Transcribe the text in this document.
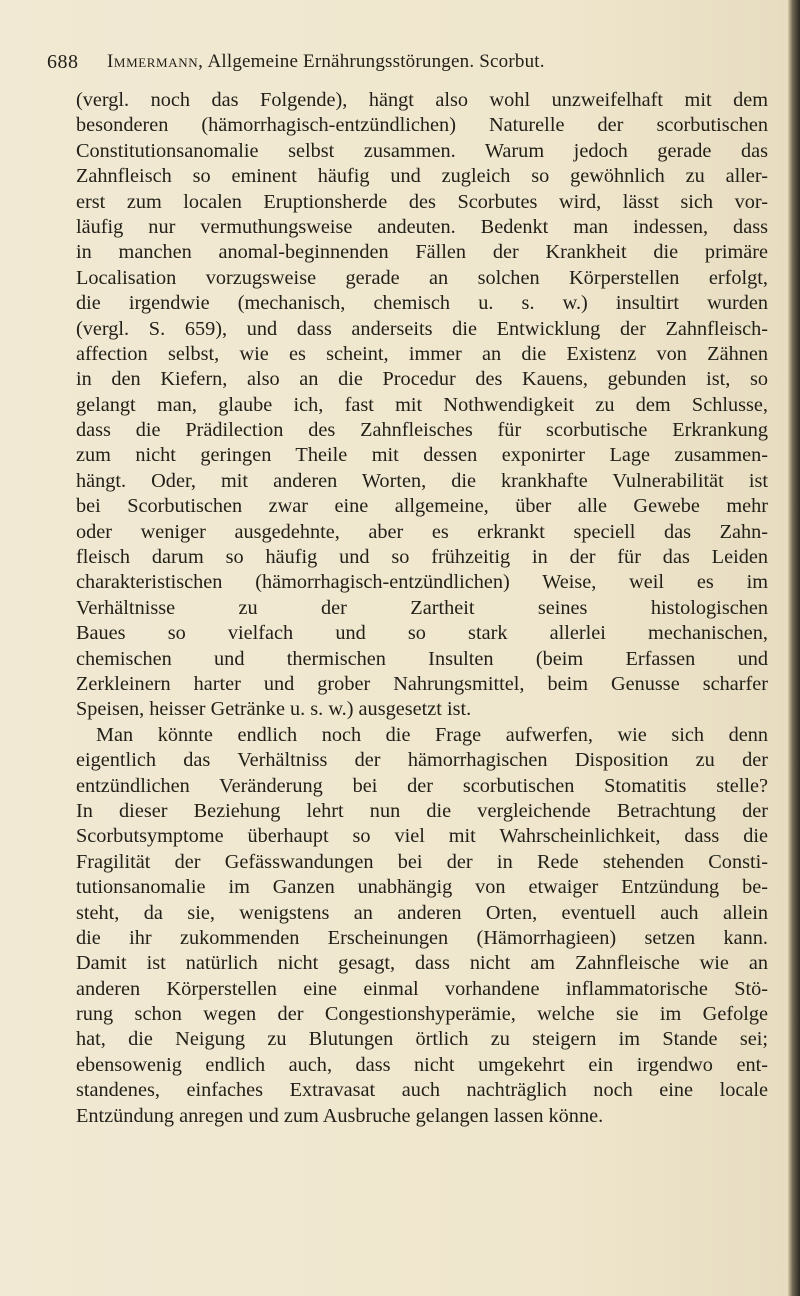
688 Immermann, Allgemeine Ernährungsstörungen. Scorbut.
(vergl. noch das Folgende), hängt also wohl unzweifelhaft mit dem
besonderen (hämorrhagisch-entzündlichen) Naturelle der scorbutischen
Constitutionsanomalie selbst zusammen. Warum jedoch gerade das
Zahnfleisch so eminent häufig und zugleich so gewöhnlich zu aller-
erst zum localen Eruptionsherde des Scorbutes wird, lässt sich vor-
läufig nur vermuthungsweise andeuten. Bedenkt man indessen, dass
in manchen anomal-beginnenden Fällen der Krankheit die primäre
Localisation vorzugsweise gerade an solchen Körperstellen erfolgt,
die irgendwie (mechanisch, chemisch u. s. w.) insultirt wurden
(vergl. S. 659), und dass anderseits die Entwicklung der Zahnfleisch-
affection selbst, wie es scheint, immer an die Existenz von Zähnen
in den Kiefern, also an die Procedur des Kauens, gebunden ist, so
gelangt man, glaube ich, fast mit Nothwendigkeit zu dem Schlusse,
dass die Prädilection des Zahnfleisches für scorbutische Erkrankung
zum nicht geringen Theile mit dessen exponirter Lage zusammen-
hängt. Oder, mit anderen Worten, die krankhafte Vulnerabilität ist
bei Scorbutischen zwar eine allgemeine, über alle Gewebe mehr
oder weniger ausgedehnte, aber es erkrankt speciell das Zahn-
fleisch darum so häufig und so frühzeitig in der für das Leiden
charakteristischen (hämorrhagisch-entzündlichen) Weise, weil es im
Verhältnisse zu der Zartheit seines histologischen
Baues so vielfach und so stark allerlei mechanischen,
chemischen und thermischen Insulten (beim Erfassen und
Zerkleinern harter und grober Nahrungsmittel, beim Genusse scharfer
Speisen, heisser Getränke u. s. w.) ausgesetzt ist.
Man könnte endlich noch die Frage aufwerfen, wie sich denn
eigentlich das Verhältniss der hämorrhagischen Disposition zu der
entzündlichen Veränderung bei der scorbutischen Stomatitis stelle?
In dieser Beziehung lehrt nun die vergleichende Betrachtung der
Scorbutsymptome überhaupt so viel mit Wahrscheinlichkeit, dass die
Fragilität der Gefässwandungen bei der in Rede stehenden Consti-
tutionsanomalie im Ganzen unabhängig von etwaiger Entzündung be-
steht, da sie, wenigstens an anderen Orten, eventuell auch allein
die ihr zukommenden Erscheinungen (Hämorrhagieen) setzen kann.
Damit ist natürlich nicht gesagt, dass nicht am Zahnfleische wie an
anderen Körperstellen eine einmal vorhandene inflammatorische Stö-
rung schon wegen der Congestionshyperämie, welche sie im Gefolge
hat, die Neigung zu Blutungen örtlich zu steigern im Stande sei;
ebensowenig endlich auch, dass nicht umgekehrt ein irgendwo ent-
standenes, einfaches Extravasat auch nachträglich noch eine locale
Entzündung anregen und zum Ausbruche gelangen lassen könne.
